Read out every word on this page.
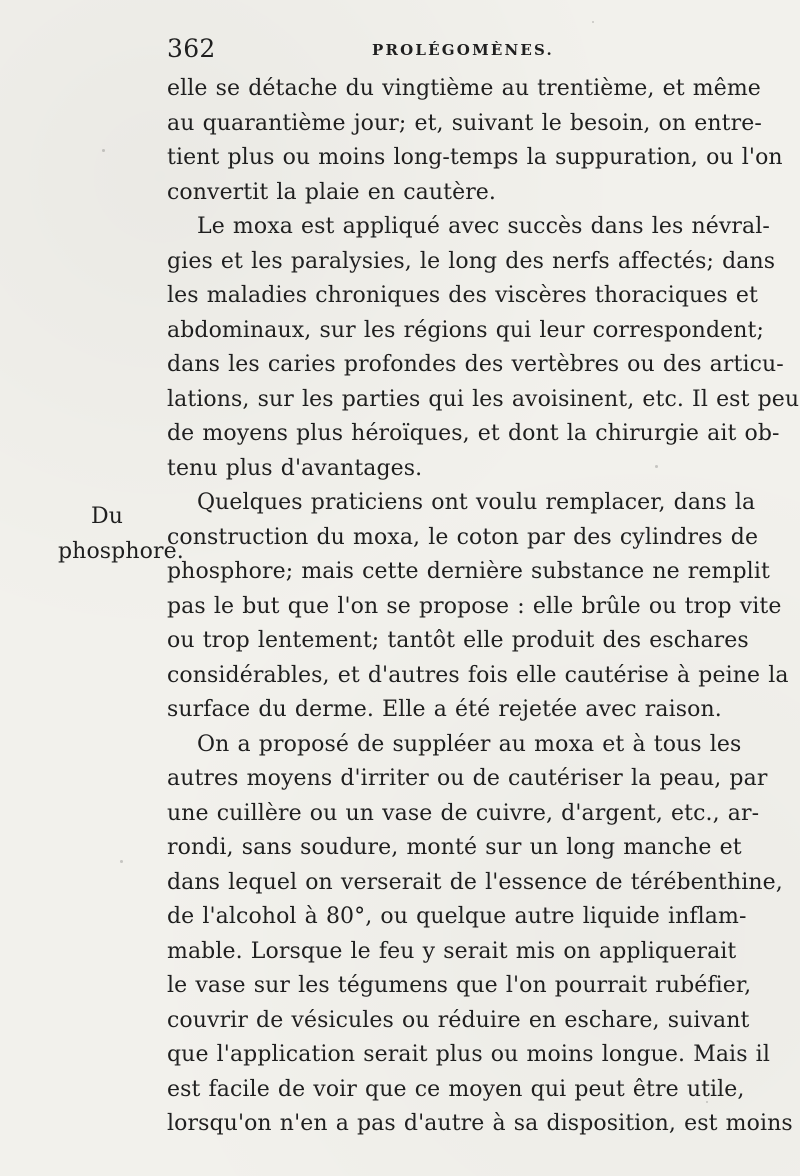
362	PROLÉGOMÈNES.
Du
phosphore.
elle se détache du vingtième au trentième, et même
au quarantième jour; et, suivant le besoin, on entre-
tient plus ou moins long-temps la suppuration, ou l'on
convertit la plaie en cautère.
Le moxa est appliqué avec succès dans les névral-
gies et les paralysies, le long des nerfs affectés; dans
les maladies chroniques des viscères thoraciques et
abdominaux, sur les régions qui leur correspondent;
dans les caries profondes des vertèbres ou des articu-
lations, sur les parties qui les avoisinent, etc. Il est peu
de moyens plus héroïques, et dont la chirurgie ait ob-
tenu plus d'avantages.
Quelques praticiens ont voulu remplacer, dans la
construction du moxa, le coton par des cylindres de
phosphore; mais cette dernière substance ne remplit
pas le but que l'on se propose : elle brûle ou trop vite
ou trop lentement; tantôt elle produit des eschares
considérables, et d'autres fois elle cautérise à peine la
surface du derme. Elle a été rejetée avec raison.
On a proposé de suppléer au moxa et à tous les
autres moyens d'irriter ou de cautériser la peau, par
une cuillère ou un vase de cuivre, d'argent, etc., ar-
rondi, sans soudure, monté sur un long manche et
dans lequel on verserait de l'essence de térébenthine,
de l'alcohol à 80°, ou quelque autre liquide inflam-
mable. Lorsque le feu y serait mis on appliquerait
le vase sur les tégumens que l'on pourrait rubéfier,
couvrir de vésicules ou réduire en eschare, suivant
que l'application serait plus ou moins longue. Mais il
est facile de voir que ce moyen qui peut être utile,
lorsqu'on n'en a pas d'autre à sa disposition, est moins
